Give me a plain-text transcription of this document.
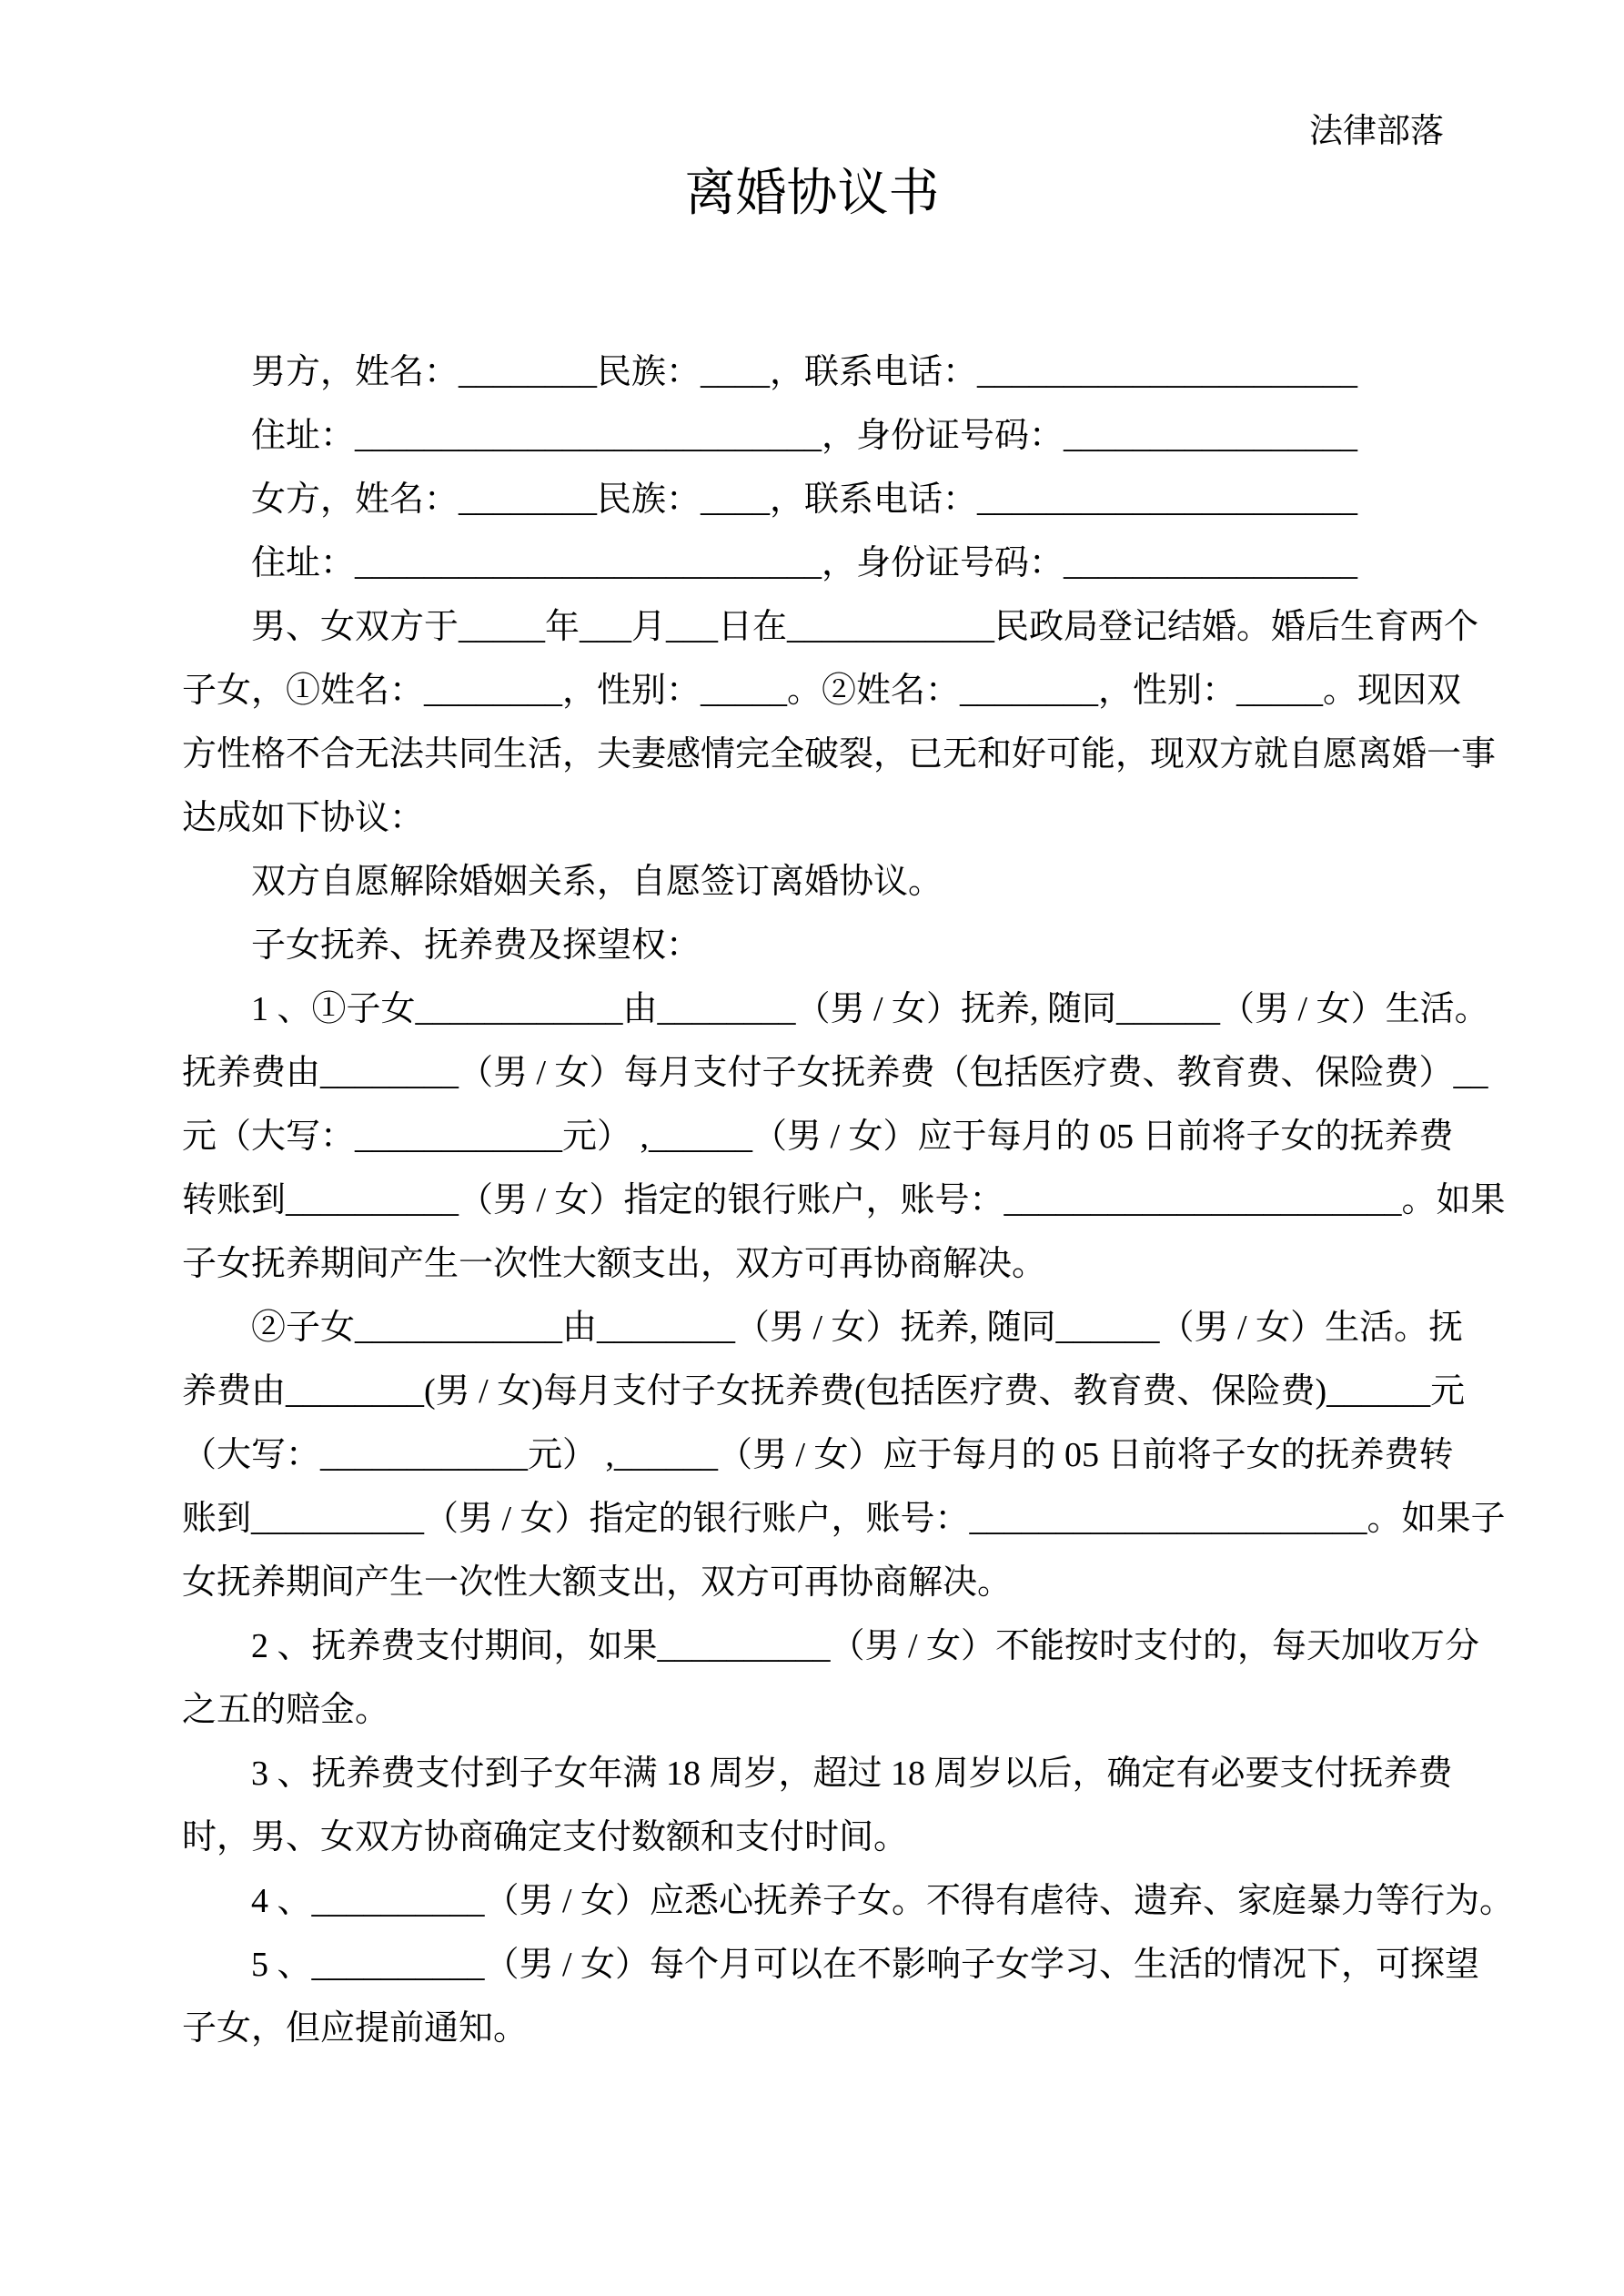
法律部落
离婚协议书
男方，姓名：________民族：____，联系电话：______________________
住址：___________________________，身份证号码：_________________
女方，姓名：________民族：____，联系电话：______________________
住址：___________________________，身份证号码：_________________
男、女双方于_____年___月___日在____________民政局登记结婚。婚后生育两个
子女，①姓名：________，性别：_____。②姓名：________，性别：_____。现因双
方性格不合无法共同生活，夫妻感情完全破裂，已无和好可能，现双方就自愿离婚一事
达成如下协议：
双方自愿解除婚姻关系，自愿签订离婚协议。
子女抚养、抚养费及探望权：
1 、①子女____________由________（男 / 女）抚养, 随同______（男 / 女）生活。
抚养费由________（男 / 女）每月支付子女抚养费（包括医疗费、教育费、保险费）__
元（大写：____________元） ,______（男 / 女）应于每月的 05 日前将子女的抚养费
转账到__________（男 / 女）指定的银行账户，账号：_______________________。如果
子女抚养期间产生一次性大额支出，双方可再协商解决。
②子女____________由________（男 / 女）抚养, 随同______（男 / 女）生活。抚
养费由________(男 / 女)每月支付子女抚养费(包括医疗费、教育费、保险费)______元
（大写：____________元） ,______（男 / 女）应于每月的 05 日前将子女的抚养费转
账到__________（男 / 女）指定的银行账户，账号：_______________________。如果子
女抚养期间产生一次性大额支出，双方可再协商解决。
2 、抚养费支付期间，如果__________（男 / 女）不能按时支付的，每天加收万分
之五的赔金。
3 、抚养费支付到子女年满 18 周岁，超过 18 周岁以后，确定有必要支付抚养费
时，男、女双方协商确定支付数额和支付时间。
4 、__________（男 / 女）应悉心抚养子女。不得有虐待、遗弃、家庭暴力等行为。
5 、__________（男 / 女）每个月可以在不影响子女学习、生活的情况下，可探望
子女，但应提前通知。
